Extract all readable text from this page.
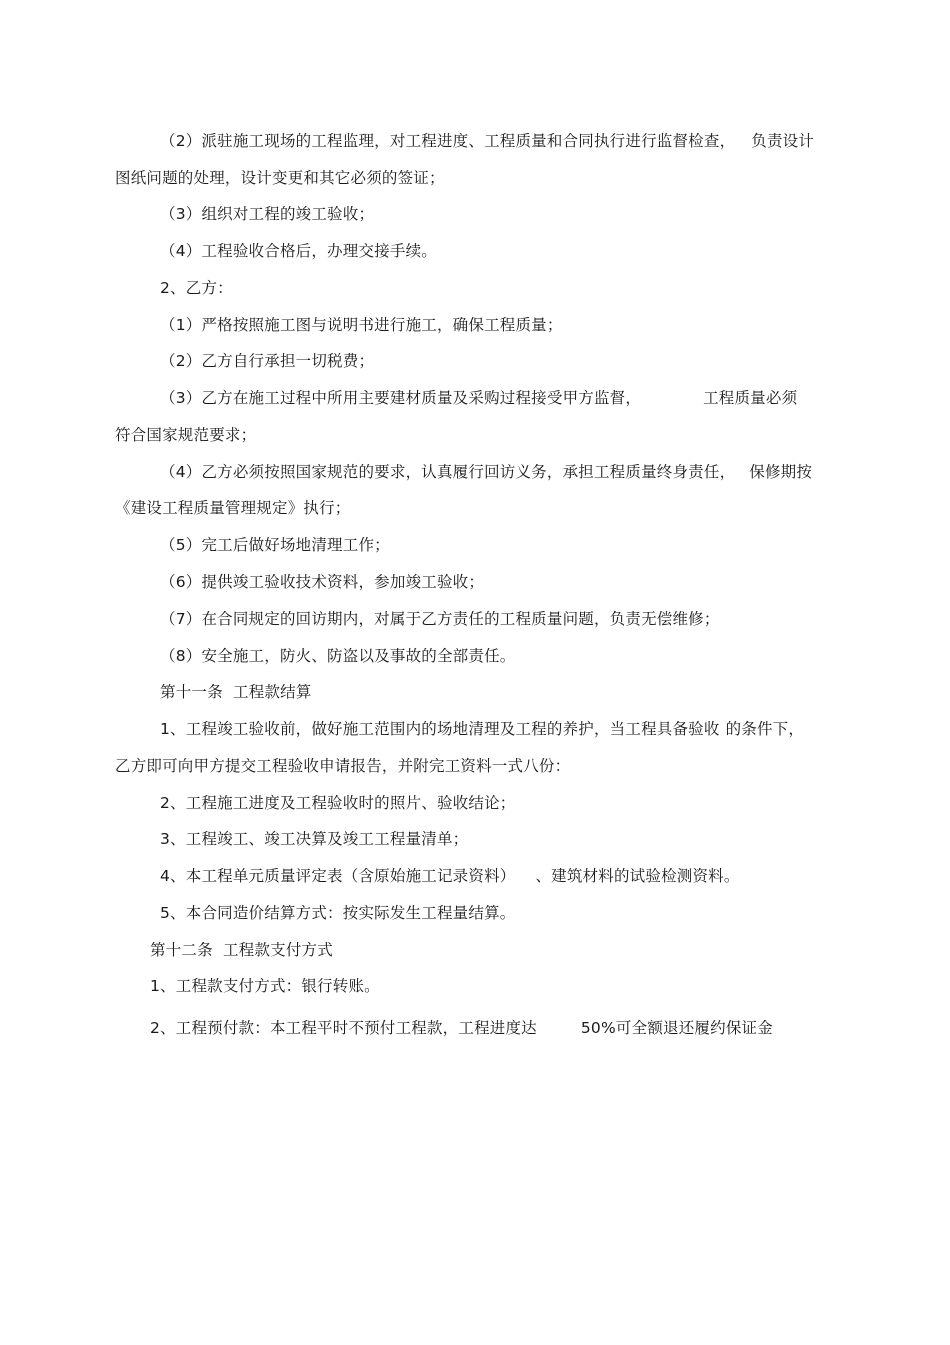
（2）派驻施工现场的工程监理，对工程进度、工程质量和合同执行进行监督检查， 负责设计
图纸问题的处理，设计变更和其它必须的签证；
（3）组织对工程的竣工验收；
（4）工程验收合格后，办理交接手续。
2、乙方：
（1）严格按照施工图与说明书进行施工，确保工程质量；
（2）乙方自行承担一切税费；
（3）乙方在施工过程中所用主要建材质量及采购过程接受甲方监督，	工程质量必须
符合国家规范要求；
（4）乙方必须按照国家规范的要求，认真履行回访义务，承担工程质量终身责任， 保修期按
《建设工程质量管理规定》执行；
（5）完工后做好场地清理工作；
（6）提供竣工验收技术资料，参加竣工验收；
（7）在合同规定的回访期内，对属于乙方责任的工程质量问题，负责无偿维修；
（8）安全施工，防火、防盗以及事故的全部责任。
第十一条  工程款结算
1、工程竣工验收前，做好施工范围内的场地清理及工程的养护，当工程具备验收 的条件下，
乙方即可向甲方提交工程验收申请报告，并附完工资料一式八份：
2、工程施工进度及工程验收时的照片、验收结论；
3、工程竣工、竣工决算及竣工工程量清单；
4、本工程单元质量评定表（含原始施工记录资料） 、建筑材料的试验检测资料。
5、本合同造价结算方式：按实际发生工程量结算。
第十二条  工程款支付方式
1、工程款支付方式：银行转账。
2、工程预付款：本工程平时不预付工程款，工程进度达	50%可全额退还履约保证金
